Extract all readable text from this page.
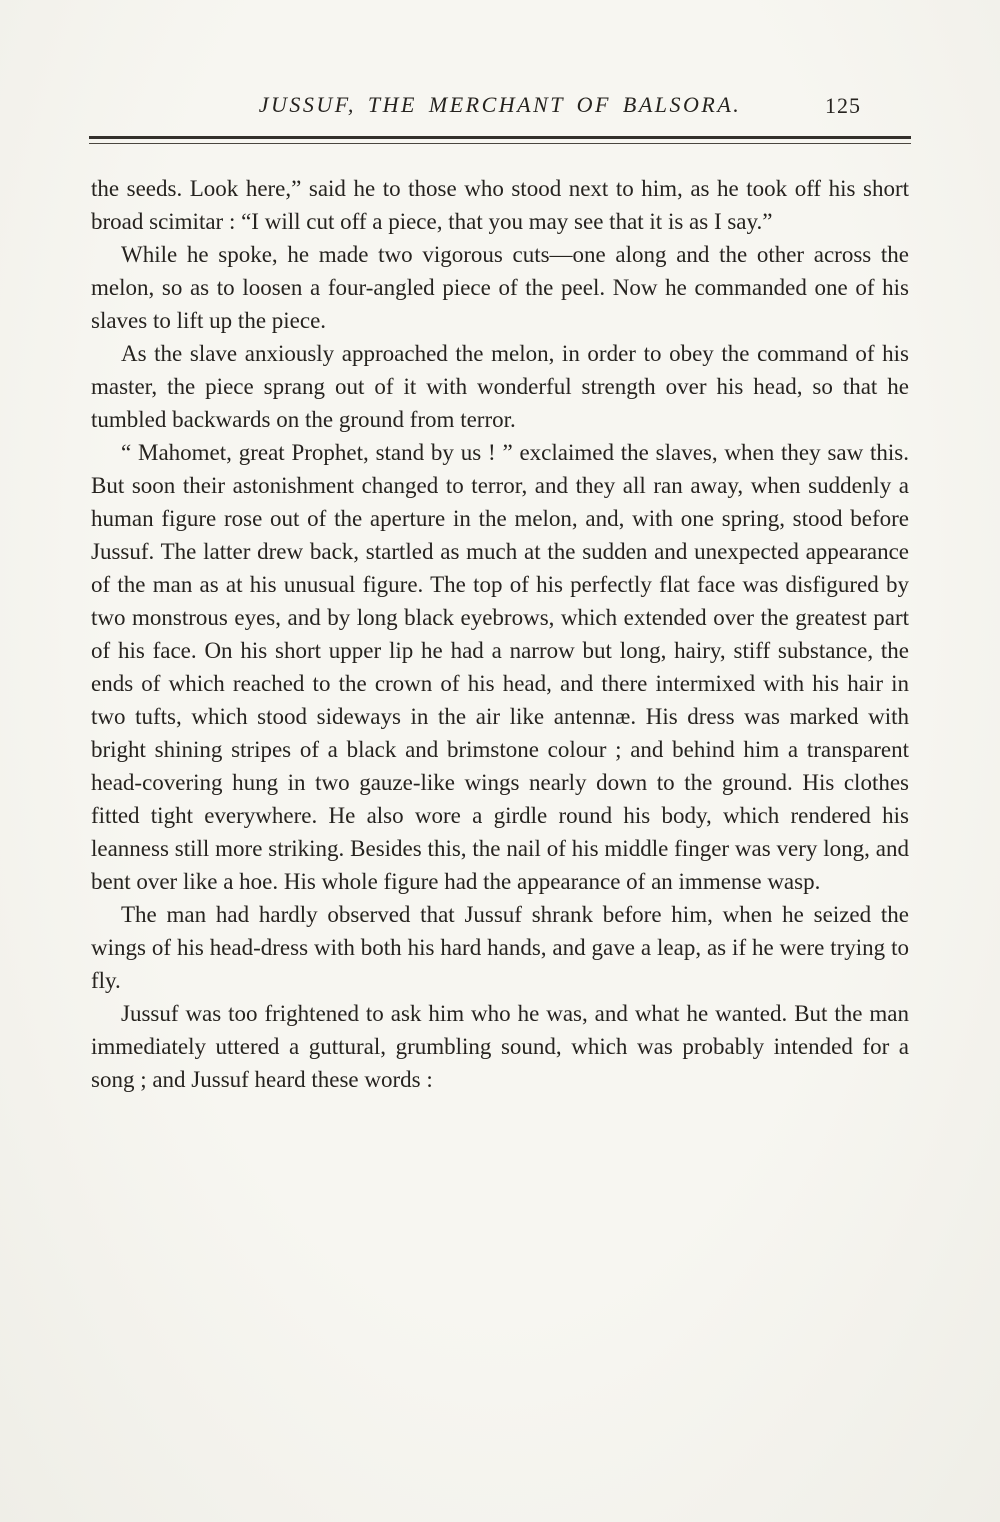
JUSSUF, THE MERCHANT OF BALSORA.	125

the seeds. Look here,” said he to those who stood next to him, as he took off his short broad scimitar : “I will cut off a piece, that you may see that it is as I say.”

While he spoke, he made two vigorous cuts—one along and the other across the melon, so as to loosen a four-angled piece of the peel. Now he commanded one of his slaves to lift up the piece.

As the slave anxiously approached the melon, in order to obey the command of his master, the piece sprang out of it with wonderful strength over his head, so that he tumbled backwards on the ground from terror.

“ Mahomet, great Prophet, stand by us ! ” exclaimed the slaves, when they saw this. But soon their astonishment changed to terror, and they all ran away, when suddenly a human figure rose out of the aperture in the melon, and, with one spring, stood before Jussuf. The latter drew back, startled as much at the sudden and unexpected appearance of the man as at his unusual figure. The top of his perfectly flat face was disfigured by two monstrous eyes, and by long black eyebrows, which extended over the greatest part of his face. On his short upper lip he had a narrow but long, hairy, stiff substance, the ends of which reached to the crown of his head, and there intermixed with his hair in two tufts, which stood sideways in the air like antennæ. His dress was marked with bright shining stripes of a black and brimstone colour ; and behind him a transparent head-covering hung in two gauze-like wings nearly down to the ground. His clothes fitted tight everywhere. He also wore a girdle round his body, which rendered his leanness still more striking. Besides this, the nail of his middle finger was very long, and bent over like a hoe. His whole figure had the appearance of an immense wasp.

The man had hardly observed that Jussuf shrank before him, when he seized the wings of his head-dress with both his hard hands, and gave a leap, as if he were trying to fly.

Jussuf was too frightened to ask him who he was, and what he wanted. But the man immediately uttered a guttural, grumbling sound, which was probably intended for a song ; and Jussuf heard these words :
